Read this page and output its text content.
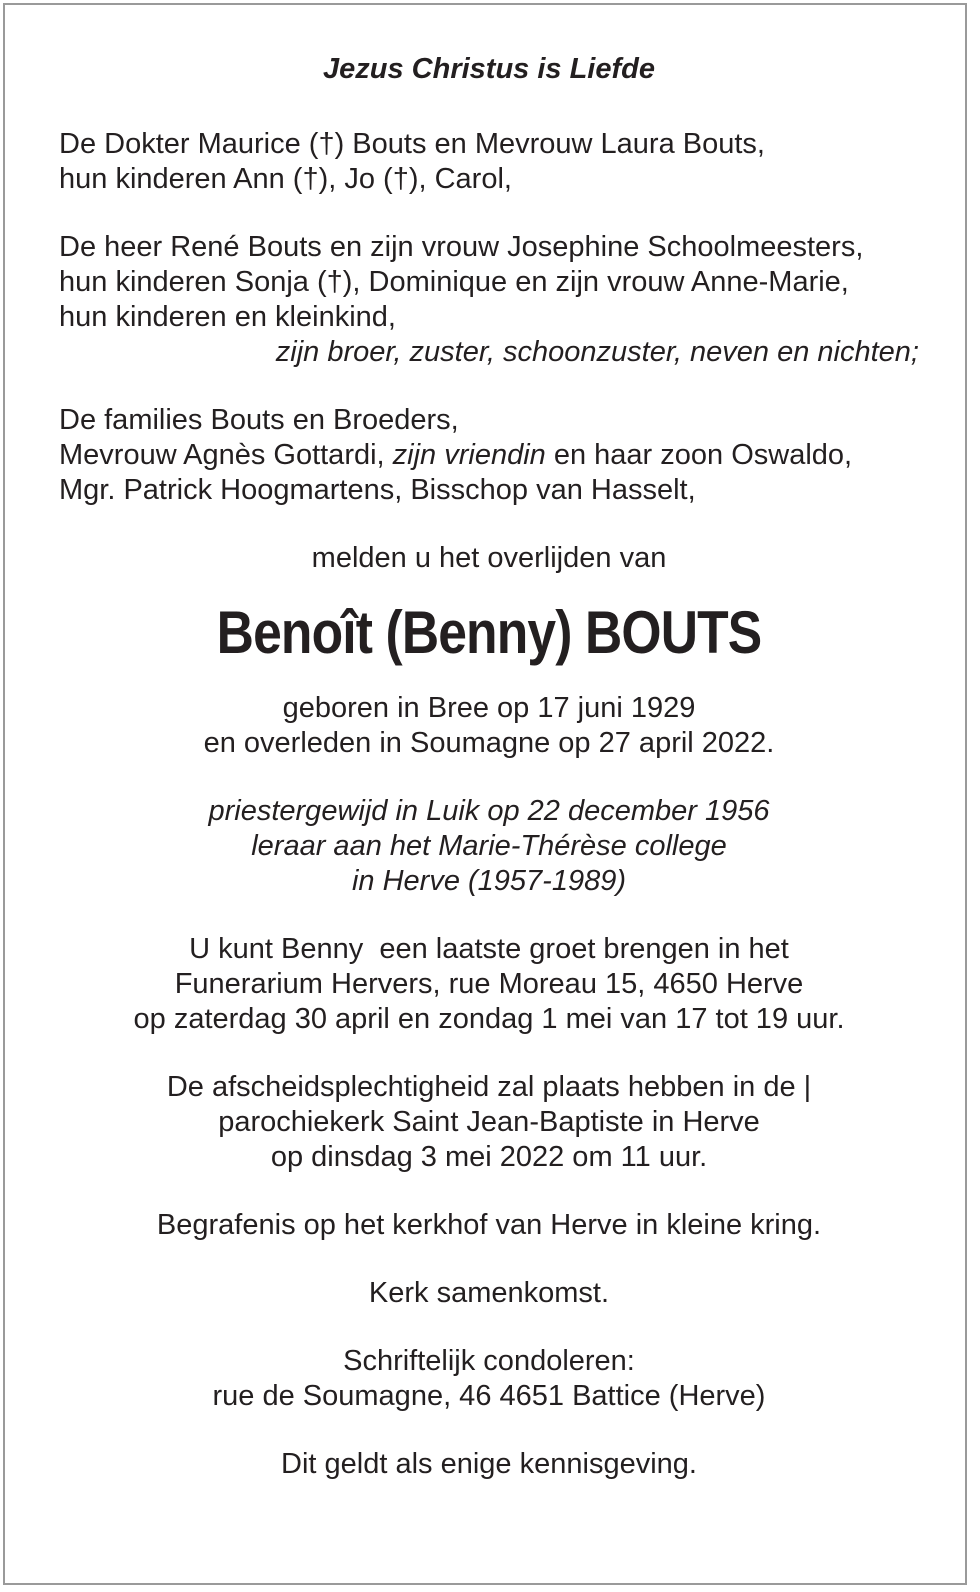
Jezus Christus is Liefde
De Dokter Maurice (†) Bouts en Mevrouw Laura Bouts,
hun kinderen Ann (†), Jo (†), Carol,
De heer René Bouts en zijn vrouw Josephine Schoolmeesters,
hun kinderen Sonja (†), Dominique en zijn vrouw Anne-Marie,
hun kinderen en kleinkind,
zijn broer, zuster, schoonzuster, neven en nichten;
De families Bouts en Broeders,
Mevrouw Agnès Gottardi, zijn vriendin en haar zoon Oswaldo,
Mgr. Patrick Hoogmartens, Bisschop van Hasselt,
melden u het overlijden van
Benoît (Benny) BOUTS
geboren in Bree op 17 juni 1929
en overleden in Soumagne op 27 april 2022.
priestergewijd in Luik op 22 december 1956
leraar aan het Marie-Thérèse college
in Herve (1957-1989)
U kunt Benny  een laatste groet brengen in het
Funerarium Hervers, rue Moreau 15, 4650 Herve
op zaterdag 30 april en zondag 1 mei van 17 tot 19 uur.
De afscheidsplechtigheid zal plaats hebben in de |
parochiekerk Saint Jean-Baptiste in Herve
op dinsdag 3 mei 2022 om 11 uur.
Begrafenis op het kerkhof van Herve in kleine kring.
Kerk samenkomst.
Schriftelijk condoleren:
rue de Soumagne, 46 4651 Battice (Herve)
Dit geldt als enige kennisgeving.
